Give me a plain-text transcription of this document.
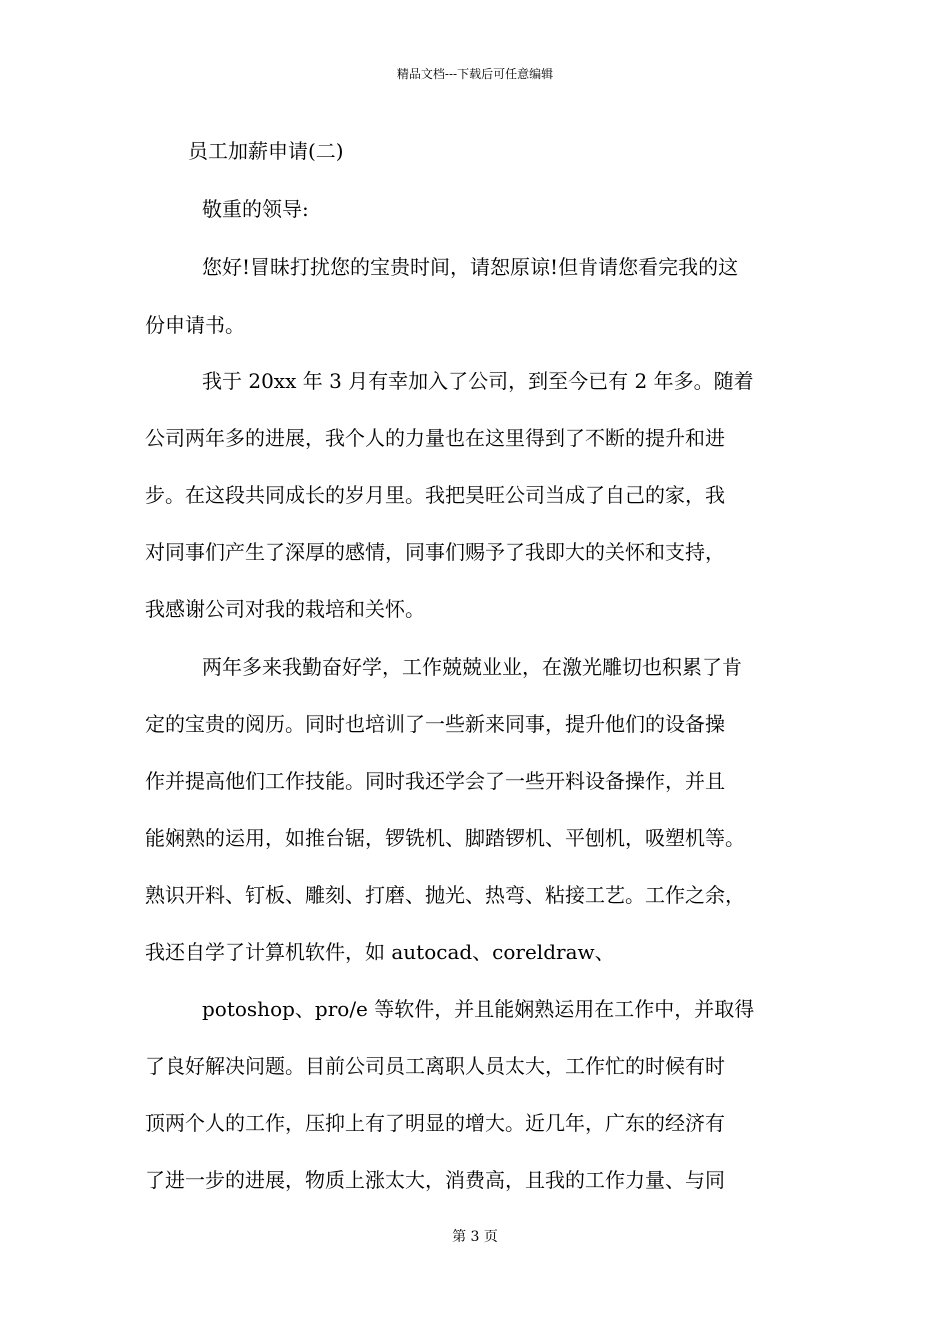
精品文档---下载后可任意编辑
员工加薪申请(二)
敬重的领导:
您好!冒昧打扰您的宝贵时间，请恕原谅!但肯请您看完我的这
份申请书。
我于 20xx 年 3 月有幸加入了公司，到至今已有 2 年多。随着
公司两年多的进展，我个人的力量也在这里得到了不断的提升和进
步。在这段共同成长的岁月里。我把昊旺公司当成了自己的家，我
对同事们产生了深厚的感情，同事们赐予了我即大的关怀和支持，
我感谢公司对我的栽培和关怀。
两年多来我勤奋好学，工作兢兢业业，在激光雕切也积累了肯
定的宝贵的阅历。同时也培训了一些新来同事，提升他们的设备操
作并提高他们工作技能。同时我还学会了一些开料设备操作，并且
能娴熟的运用，如推台锯，锣铣机、脚踏锣机、平刨机，吸塑机等。
熟识开料、钉板、雕刻、打磨、抛光、热弯、粘接工艺。工作之余，
我还自学了计算机软件，如 autocad、coreldraw、
potoshop、pro/e 等软件，并且能娴熟运用在工作中，并取得
了良好解决问题。目前公司员工离职人员太大，工作忙的时候有时
顶两个人的工作，压抑上有了明显的增大。近几年，广东的经济有
了进一步的进展，物质上涨太大，消费高，且我的工作力量、与同
第 3 页
